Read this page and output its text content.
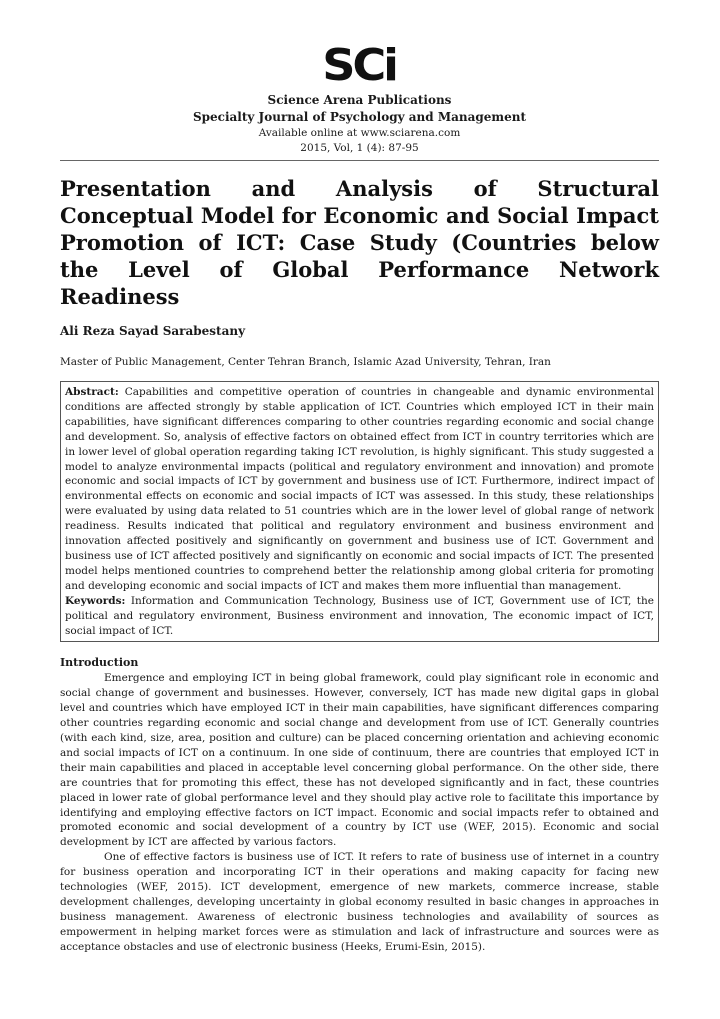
SCi
Science Arena Publications
Specialty Journal of Psychology and Management
Available online at www.sciarena.com
2015, Vol, 1 (4): 87-95
Presentation and Analysis of Structural Conceptual Model for Economic and Social Impact Promotion of ICT: Case Study (Countries below the Level of Global Performance Network Readiness
Ali Reza Sayad Sarabestany
Master of Public Management, Center Tehran Branch, Islamic Azad University, Tehran, Iran

Abstract: Capabilities and competitive operation of countries in changeable and dynamic environmental conditions are affected strongly by stable application of ICT. Countries which employed ICT in their main capabilities, have significant differences comparing to other countries regarding economic and social change and development. So, analysis of effective factors on obtained effect from ICT in country territories which are in lower level of global operation regarding taking ICT revolution, is highly significant. This study suggested a model to analyze environmental impacts (political and regulatory environment and innovation) and promote economic and social impacts of ICT by government and business use of ICT. Furthermore, indirect impact of environmental effects on economic and social impacts of ICT was assessed. In this study, these relationships were evaluated by using data related to 51 countries which are in the lower level of global range of network readiness. Results indicated that political and regulatory environment and business environment and innovation affected positively and significantly on government and business use of ICT. Government and business use of ICT affected positively and significantly on economic and social impacts of ICT. The presented model helps mentioned countries to comprehend better the relationship among global criteria for promoting and developing economic and social impacts of ICT and makes them more influential than management.

Keywords: Information and Communication Technology, Business use of ICT, Government use of ICT, the political and regulatory environment, Business environment and innovation, The economic impact of ICT, social impact of ICT.

Introduction

Emergence and employing ICT in being global framework, could play significant role in economic and social change of government and businesses. However, conversely, ICT has made new digital gaps in global level and countries which have employed ICT in their main capabilities, have significant differences comparing other countries regarding economic and social change and development from use of ICT. Generally countries (with each kind, size, area, position and culture) can be placed concerning orientation and achieving economic and social impacts of ICT on a continuum. In one side of continuum, there are countries that employed ICT in their main capabilities and placed in acceptable level concerning global performance. On the other side, there are countries that for promoting this effect, these has not developed significantly and in fact, these countries placed in lower rate of global performance level and they should play active role to facilitate this importance by identifying and employing effective factors on ICT impact. Economic and social impacts refer to obtained and promoted economic and social development of a country by ICT use (WEF, 2015). Economic and social development by ICT are affected by various factors.

One of effective factors is business use of ICT. It refers to rate of business use of internet in a country for business operation and incorporating ICT in their operations and making capacity for facing new technologies (WEF, 2015). ICT development, emergence of new markets, commerce increase, stable development challenges, developing uncertainty in global economy resulted in basic changes in approaches in business management. Awareness of electronic business technologies and availability of sources as empowerment in helping market forces were as stimulation and lack of infrastructure and sources were as acceptance obstacles and use of electronic business (Heeks, Erumi-Esin, 2015).
